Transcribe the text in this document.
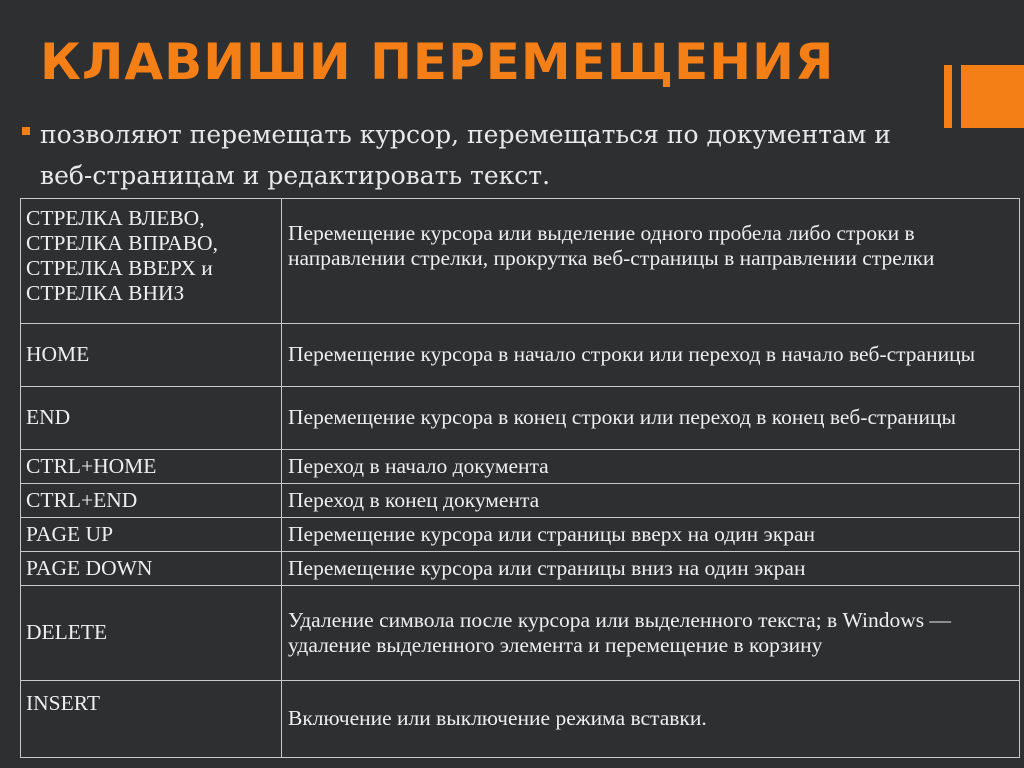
КЛАВИШИ ПЕРЕМЕЩЕНИЯ
позволяют перемещать курсор, перемещаться по документам и веб-страницам и редактировать текст.
СТРЕЛКА ВЛЕВО, СТРЕЛКА ВПРАВО, СТРЕЛКА ВВЕРХ и СТРЕЛКА ВНИЗ	Перемещение курсора или выделение одного пробела либо строки в направлении стрелки, прокрутка веб-страницы в направлении стрелки
HOME	Перемещение курсора в начало строки или переход в начало веб-страницы
END	Перемещение курсора в конец строки или переход в конец веб-страницы
CTRL+HOME	Переход в начало документа
CTRL+END	Переход в конец документа
PAGE UP	Перемещение курсора или страницы вверх на один экран
PAGE DOWN	Перемещение курсора или страницы вниз на один экран
DELETE	Удаление символа после курсора или выделенного текста; в Windows — удаление выделенного элемента и перемещение в корзину
INSERT	Включение или выключение режима вставки.
